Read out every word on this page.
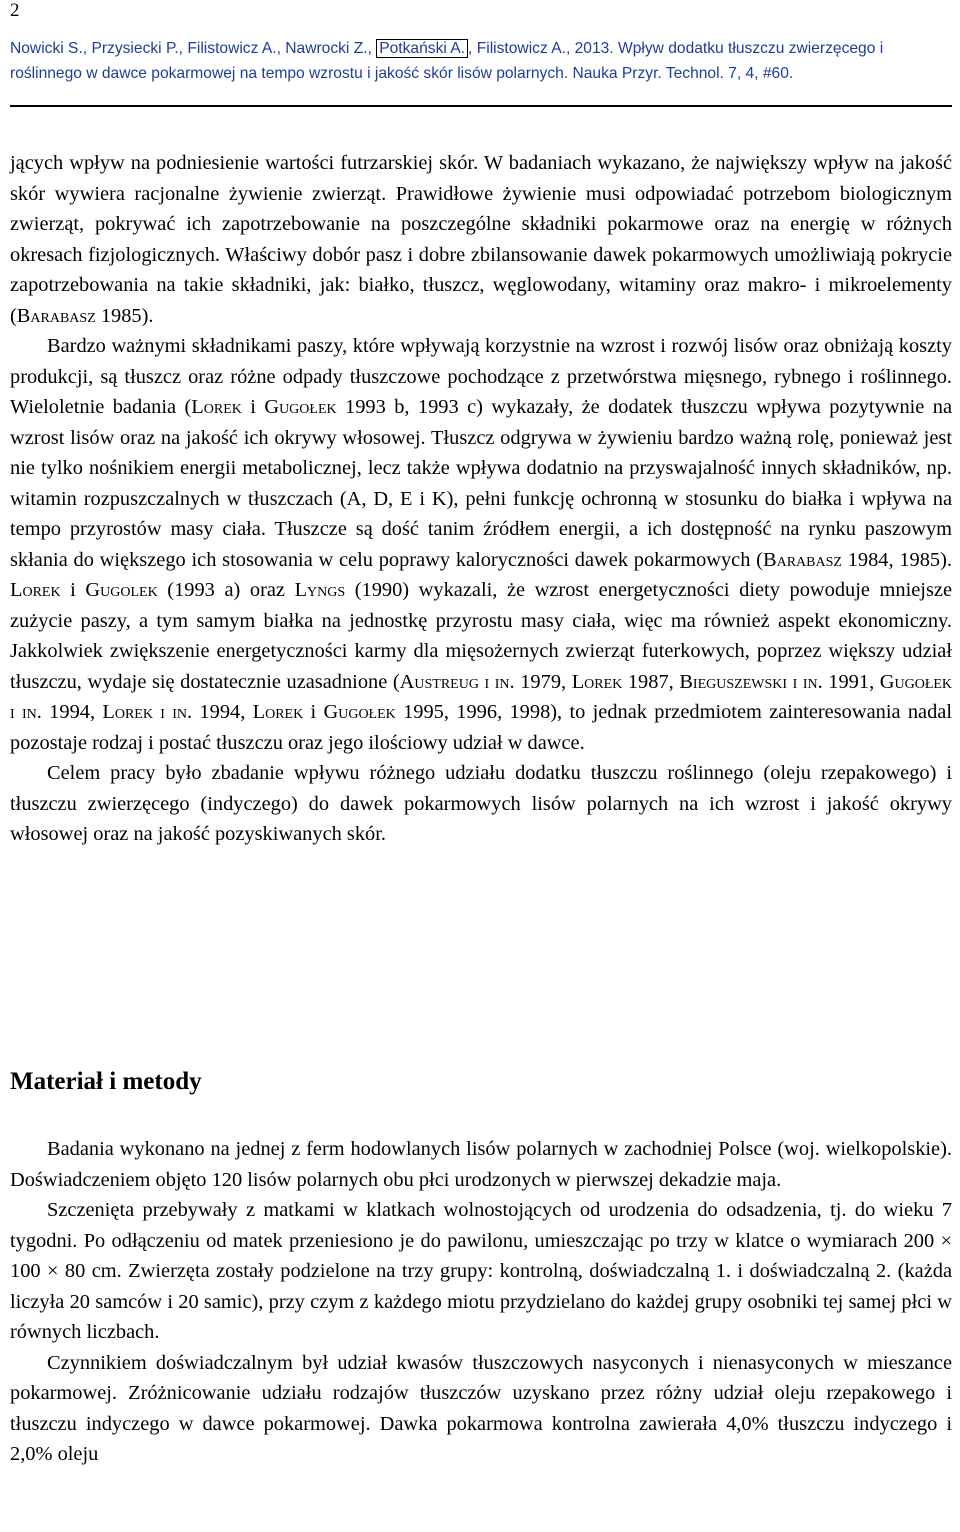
2
Nowicki S., Przysiecki P., Filistowicz A., Nawrocki Z., Potkański A. , Filistowicz A., 2013. Wpływ dodatku tłuszczu zwierzęcego i roślinnego w dawce pokarmowej na tempo wzrostu i jakość skór lisów polarnych. Nauka Przyr. Technol. 7, 4, #60.

jących wpływ na podniesienie wartości futrzarskiej skór. W badaniach wykazano, że największy wpływ na jakość skór wywiera racjonalne żywienie zwierząt. Prawidłowe żywienie musi odpowiadać potrzebom biologicznym zwierząt, pokrywać ich zapotrzebowanie na poszczególne składniki pokarmowe oraz na energię w różnych okresach fizjologicznych. Właściwy dobór pasz i dobre zbilansowanie dawek pokarmowych umożliwiają pokrycie zapotrzebowania na takie składniki, jak: białko, tłuszcz, węglowodany, witaminy oraz makro- i mikroelementy (Barabasz 1985).

Bardzo ważnymi składnikami paszy, które wpływają korzystnie na wzrost i rozwój lisów oraz obniżają koszty produkcji, są tłuszcz oraz różne odpady tłuszczowe pochodzące z przetwórstwa mięsnego, rybnego i roślinnego. Wieloletnie badania (Lorek i Gugołek 1993 b, 1993 c) wykazały, że dodatek tłuszczu wpływa pozytywnie na wzrost lisów oraz na jakość ich okrywy włosowej. Tłuszcz odgrywa w żywieniu bardzo ważną rolę, ponieważ jest nie tylko nośnikiem energii metabolicznej, lecz także wpływa dodatnio na przyswajalność innych składników, np. witamin rozpuszczalnych w tłuszczach (A, D, E i K), pełni funkcję ochronną w stosunku do białka i wpływa na tempo przyrostów masy ciała. Tłuszcze są dość tanim źródłem energii, a ich dostępność na rynku paszowym skłania do większego ich stosowania w celu poprawy kaloryczności dawek pokarmowych (Barabasz 1984, 1985). Lorek i Gugolek (1993 a) oraz Lyngs (1990) wykazali, że wzrost energetyczności diety powoduje mniejsze zużycie paszy, a tym samym białka na jednostkę przyrostu masy ciała, więc ma również aspekt ekonomiczny. Jakkolwiek zwiększenie energetyczności karmy dla mięsożernych zwierząt futerkowych, poprzez większy udział tłuszczu, wydaje się dostatecznie uzasadnione (Austreug i in. 1979, Lorek 1987, Bieguszewski i in. 1991, Gugołek i in. 1994, Lorek i in. 1994, Lorek i Gugołek 1995, 1996, 1998), to jednak przedmiotem zainteresowania nadal pozostaje rodzaj i postać tłuszczu oraz jego ilościowy udział w dawce.

Celem pracy było zbadanie wpływu różnego udziału dodatku tłuszczu roślinnego (oleju rzepakowego) i tłuszczu zwierzęcego (indyczego) do dawek pokarmowych lisów polarnych na ich wzrost i jakość okrywy włosowej oraz na jakość pozyskiwanych skór.

Materiał i metody

Badania wykonano na jednej z ferm hodowlanych lisów polarnych w zachodniej Polsce (woj. wielkopolskie). Doświadczeniem objęto 120 lisów polarnych obu płci urodzonych w pierwszej dekadzie maja.

Szczenięta przebywały z matkami w klatkach wolnostojących od urodzenia do odsadzenia, tj. do wieku 7 tygodni. Po odłączeniu od matek przeniesiono je do pawilonu, umieszczając po trzy w klatce o wymiarach 200 × 100 × 80 cm. Zwierzęta zostały podzielone na trzy grupy: kontrolną, doświadczalną 1. i doświadczalną 2. (każda liczyła 20 samców i 20 samic), przy czym z każdego miotu przydzielano do każdej grupy osobniki tej samej płci w równych liczbach.

Czynnikiem doświadczalnym był udział kwasów tłuszczowych nasyconych i nienasyconych w mieszance pokarmowej. Zróżnicowanie udziału rodzajów tłuszczów uzyskano przez różny udział oleju rzepakowego i tłuszczu indyczego w dawce pokarmowej. Dawka pokarmowa kontrolna zawierała 4,0% tłuszczu indyczego i 2,0% oleju
